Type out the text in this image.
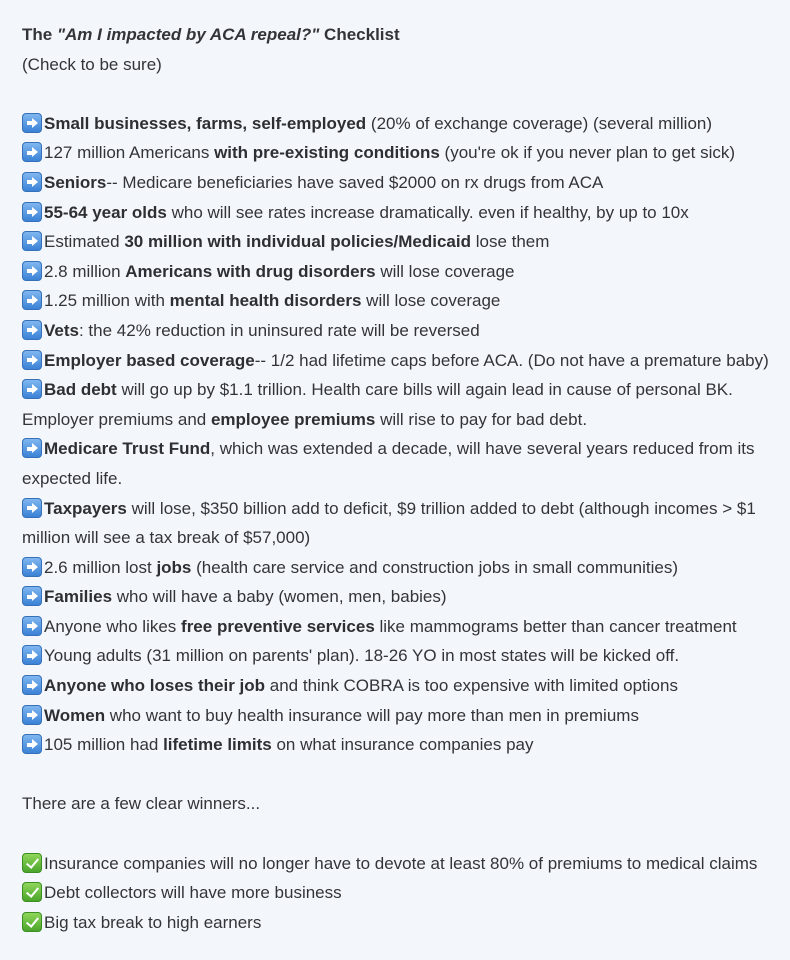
The "Am I impacted by ACA repeal?" Checklist

(Check to be sure)

Small businesses, farms, self-employed (20% of exchange coverage) (several million)

127 million Americans with pre-existing conditions (you're ok if you never plan to get sick)

Seniors-- Medicare beneficiaries have saved $2000 on rx drugs from ACA

55-64 year olds who will see rates increase dramatically. even if healthy, by up to 10x

Estimated 30 million with individual policies/Medicaid lose them

2.8 million Americans with drug disorders will lose coverage

1.25 million with mental health disorders will lose coverage

Vets: the 42% reduction in uninsured rate will be reversed

Employer based coverage-- 1/2 had lifetime caps before ACA. (Do not have a premature baby)

Bad debt will go up by $1.1 trillion. Health care bills will again lead in cause of personal BK. Employer premiums and employee premiums will rise to pay for bad debt.

Medicare Trust Fund, which was extended a decade, will have several years reduced from its expected life.

Taxpayers will lose, $350 billion add to deficit, $9 trillion added to debt (although incomes > $1 million will see a tax break of $57,000)

2.6 million lost jobs (health care service and construction jobs in small communities)

Families who will have a baby (women, men, babies)

Anyone who likes free preventive services like mammograms better than cancer treatment

Young adults (31 million on parents' plan). 18-26 YO in most states will be kicked off.

Anyone who loses their job and think COBRA is too expensive with limited options

Women who want to buy health insurance will pay more than men in premiums

105 million had lifetime limits on what insurance companies pay

There are a few clear winners...

Insurance companies will no longer have to devote at least 80% of premiums to medical claims

Debt collectors will have more business

Big tax break to high earners
